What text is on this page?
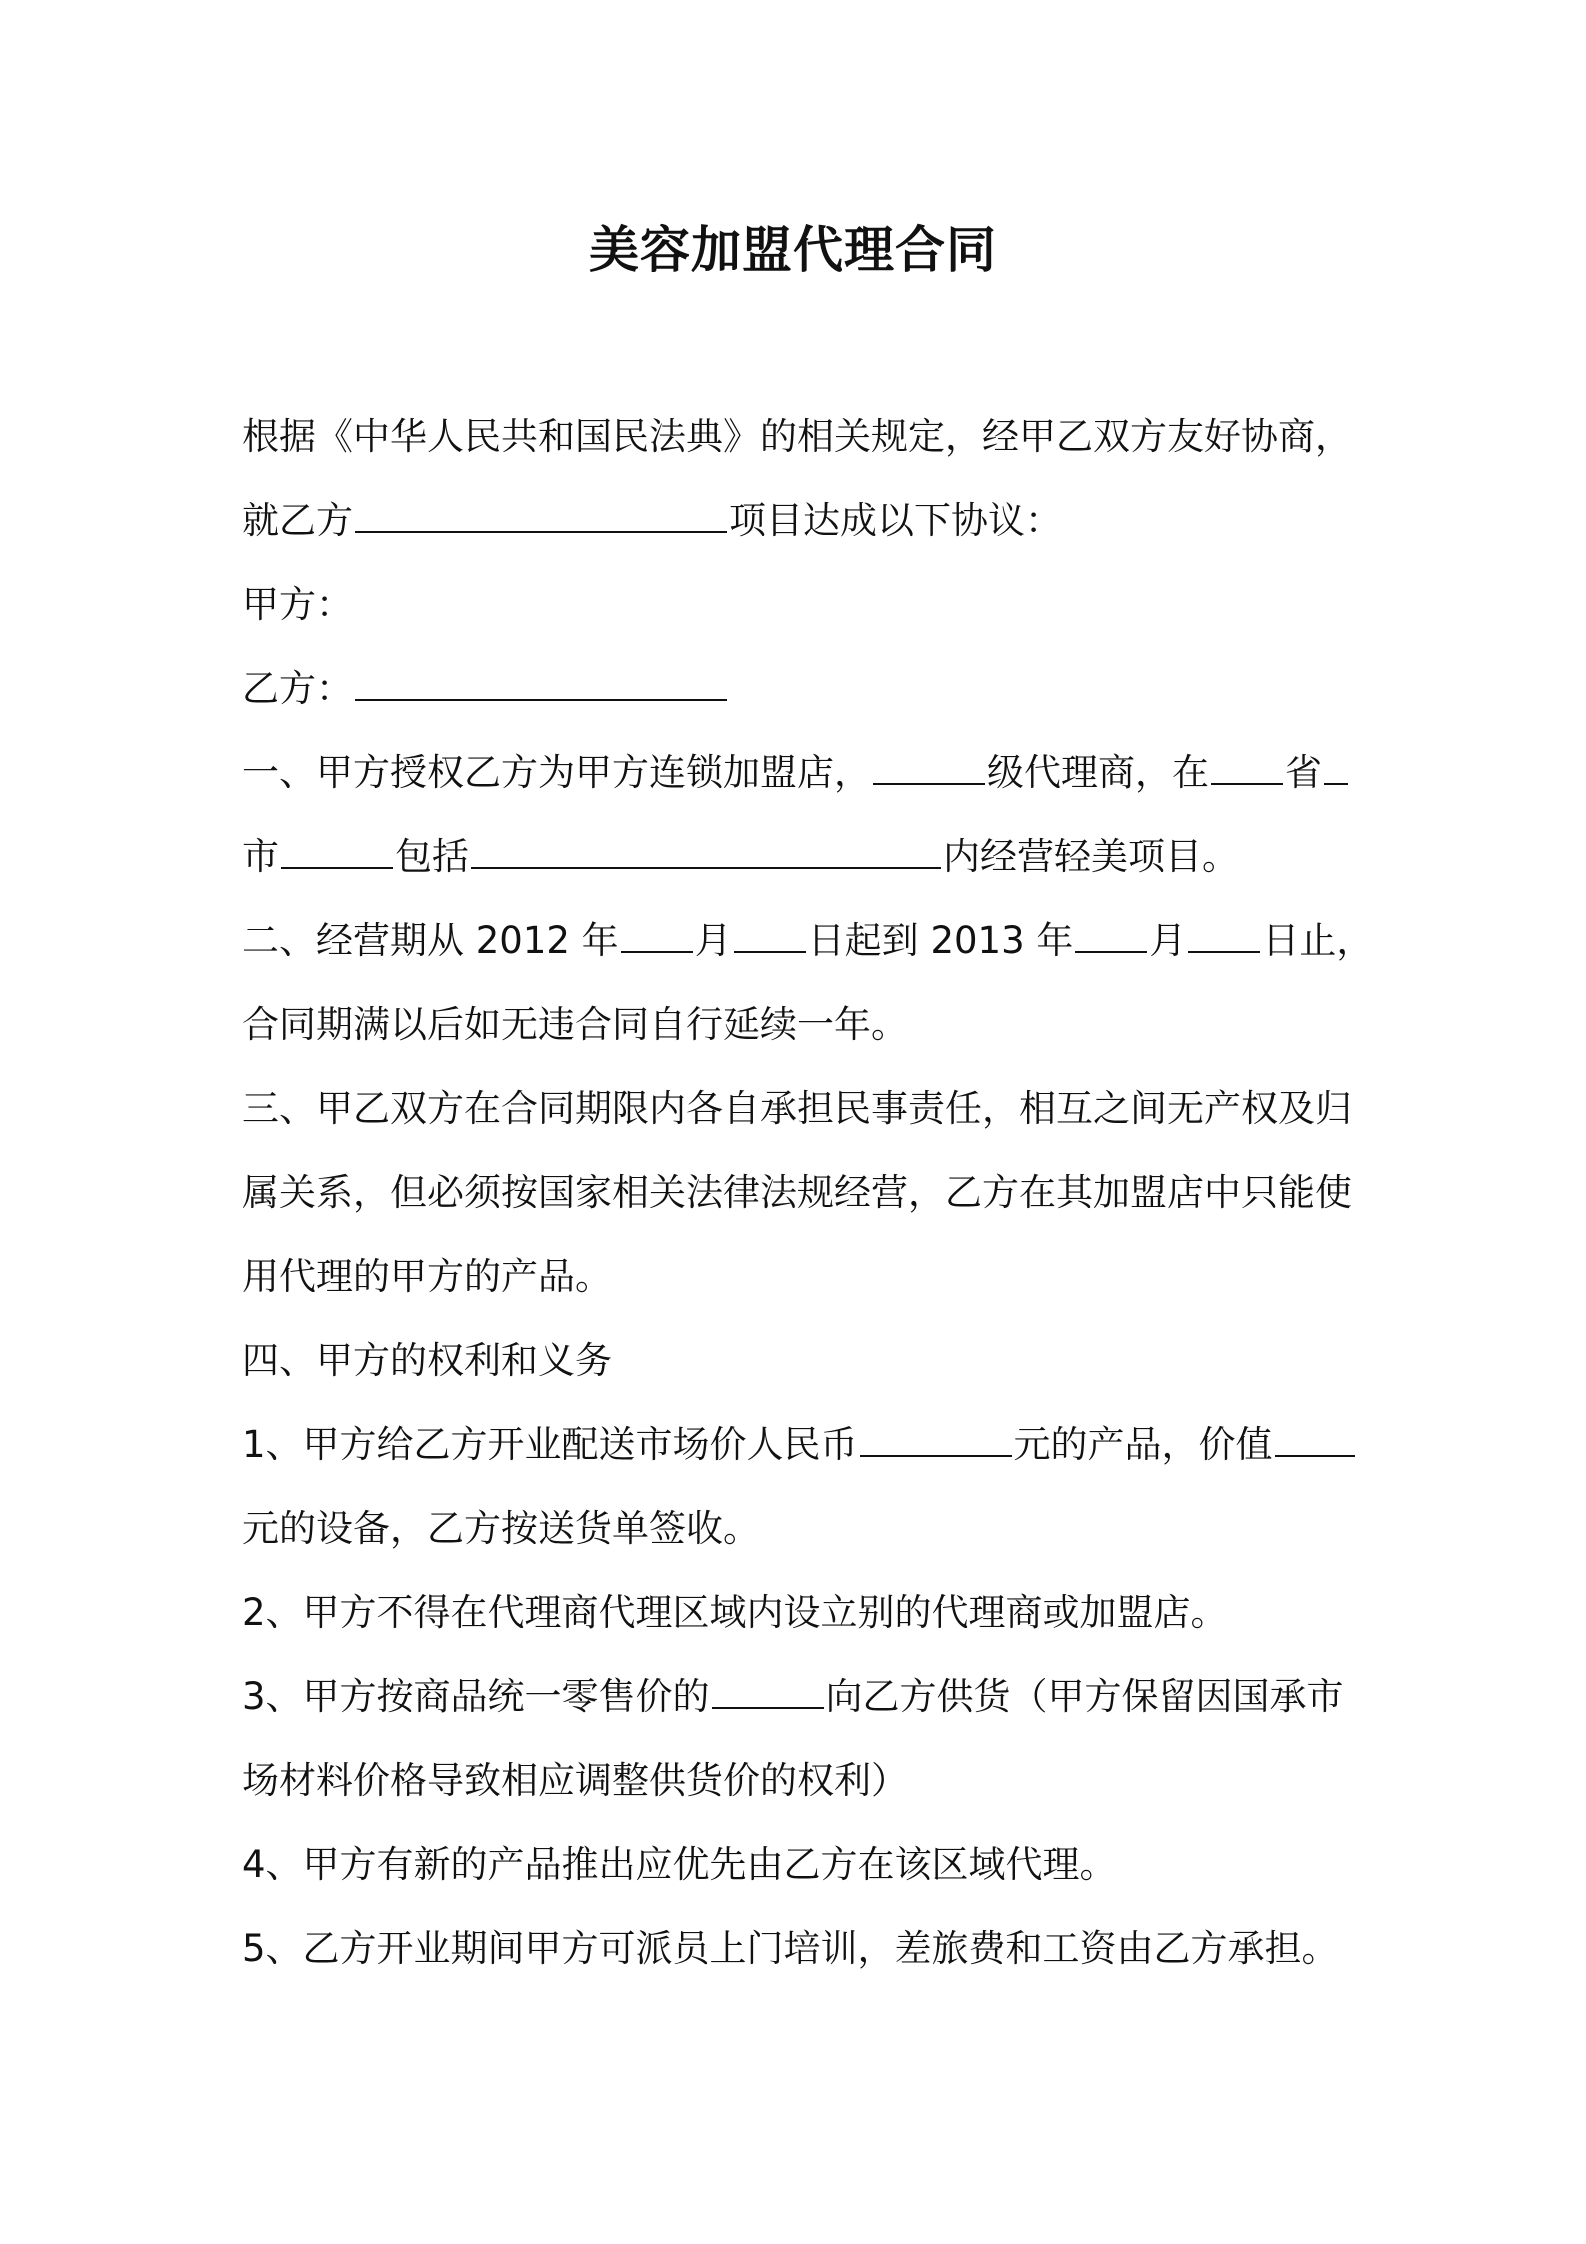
美容加盟代理合同
根据《中华人民共和国民法典》的相关规定，经甲乙双方友好协商，
就乙方	项目达成以下协议：
甲方：
乙方：
一、甲方授权乙方为甲方连锁加盟店，	级代理商，在 省
市	包括	内经营轻美项目。
二、经营期从 2012 年 月 日起到 2013 年 月 日止，
合同期满以后如无违合同自行延续一年。
三、甲乙双方在合同期限内各自承担民事责任，相互之间无产权及归
属关系，但必须按国家相关法律法规经营，乙方在其加盟店中只能使
用代理的甲方的产品。
四、甲方的权利和义务
1、甲方给乙方开业配送市场价人民币	元的产品，价值
元的设备，乙方按送货单签收。
2、甲方不得在代理商代理区域内设立别的代理商或加盟店。
3、甲方按商品统一零售价的	向乙方供货（甲方保留因国承市
场材料价格导致相应调整供货价的权利）
4、甲方有新的产品推出应优先由乙方在该区域代理。
5、乙方开业期间甲方可派员上门培训，差旅费和工资由乙方承担。
